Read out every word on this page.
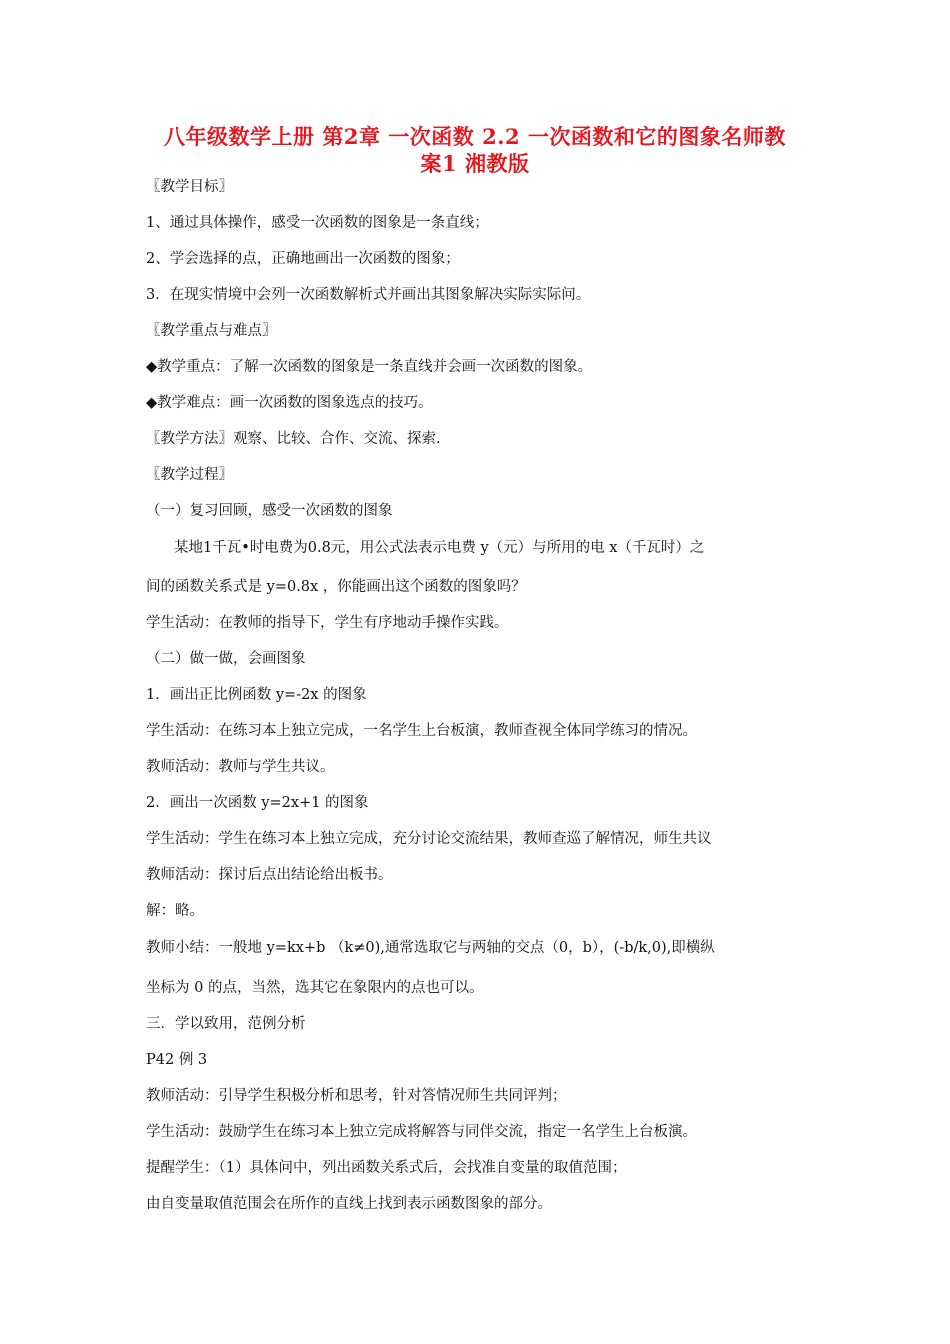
八年级数学上册 第2章 一次函数 2.2 一次函数和它的图象名师教
案1 湘教版

〖教学目标〗

1、通过具体操作，感受一次函数的图象是一条直线；

2、学会选择的点，正确地画出一次函数的图象；

3．在现实情境中会列一次函数解析式并画出其图象解决实际实际问。

〖教学重点与难点〗

◆教学重点：了解一次函数的图象是一条直线并会画一次函数的图象。

◆教学难点：画一次函数的图象选点的技巧。

〖教学方法〗观察、比较、合作、交流、探索.

〖教学过程〗

（一）复习回顾，感受一次函数的图象

某地1千瓦•时电费为0.8元，用公式法表示电费 y（元）与所用的电 x（千瓦时）之

间的函数关系式是 y=0.8x ，你能画出这个函数的图象吗？

学生活动：在教师的指导下，学生有序地动手操作实践。

（二）做一做，会画图象

1．画出正比例函数 y=-2x 的图象

学生活动：在练习本上独立完成，一名学生上台板演，教师查视全体同学练习的情况。

教师活动：教师与学生共议。

2．画出一次函数 y=2x+1 的图象

学生活动：学生在练习本上独立完成，充分讨论交流结果，教师查巡了解情况，师生共议

教师活动：探讨后点出结论给出板书。

解：略。

教师小结：一般地 y=kx+b （k≠0),通常选取它与两轴的交点（0，b），(-b/k,0),即横纵

坐标为 0 的点，当然，选其它在象限内的点也可以。

三．学以致用，范例分析

P42 例 3

教师活动：引导学生积极分析和思考，针对答情况师生共同评判；

学生活动：鼓励学生在练习本上独立完成将解答与同伴交流，指定一名学生上台板演。

提醒学生：（1）具体问中，列出函数关系式后，会找准自变量的取值范围；

由自变量取值范围会在所作的直线上找到表示函数图象的部分。
